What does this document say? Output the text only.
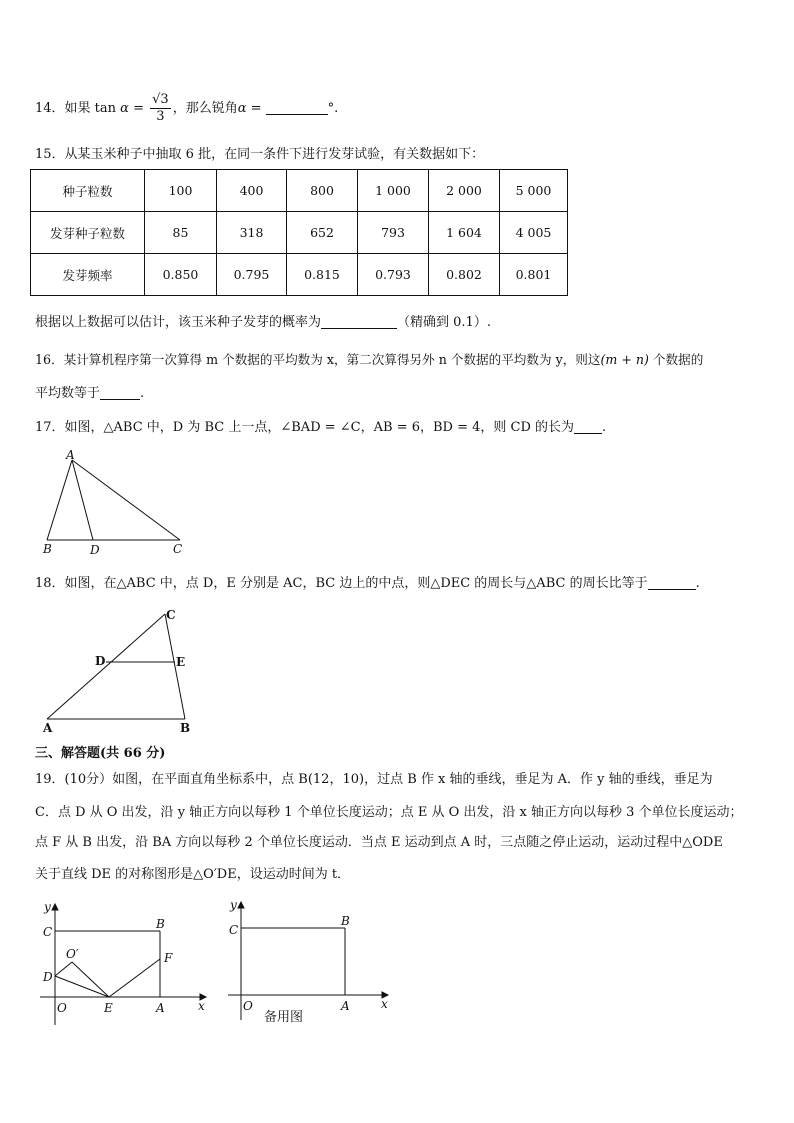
14．如果 $\tan \alpha = \frac{√3}{3}$ ，那么锐角α =	°.
15．从某玉米种子中抽取 6 批，在同一条件下进行发芽试验，有关数据如下：
种子粒数	100	400	800	1 000	2 000	5 000
发芽种子粒数	85	318	652	793	1 604	4 005
发芽频率	0.850	0.795	0.815	0.793	0.802	0.801
根据以上数据可以估计，该玉米种子发芽的概率为	（精确到 0.1）.
16．某计算机程序第一次算得 m 个数据的平均数为 x，第二次算得另外 n 个数据的平均数为 y，则这(m + n) 个数据的
平均数等于	.
17．如图，△ABC 中，D 为 BC 上一点，∠BAD = ∠C，AB = 6，BD = 4，则 CD 的长为 .
A
B	D	C
18．如图，在△ABC 中，点 D，E 分别是 AC，BC 边上的中点，则△DEC 的周长与△ABC 的周长比等于	.
C
D	E
A	B
三、解答题(共 66 分)
19．(10分）如图，在平面直角坐标系中，点 B(12，10)，过点 B 作 x 轴的垂线，垂足为 A．作 y 轴的垂线，垂足为
C．点 D 从 O 出发，沿 y 轴正方向以每秒 1 个单位长度运动；点 E 从 O 出发，沿 x 轴正方向以每秒 3 个单位长度运动；
点 F 从 B 出发，沿 BA 方向以每秒 2 个单位长度运动．当点 E 运动到点 A 时，三点随之停止运动，运动过程中△ODE
关于直线 DE 的对称图形是△O′DE，设运动时间为 t．
y
C
B
O′	F
D
O	E	A	x
y
C
B
O	A	x
备用图
